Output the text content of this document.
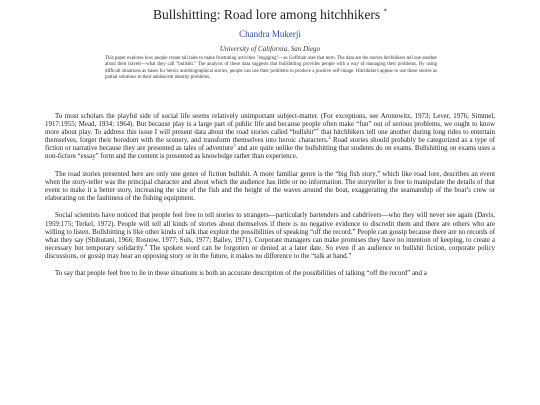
Bullshitting: Road lore among hitchhikers *
Chandra Mukerji
University of California, San Diego
This paper explores how people create tall tales to make frustrating activities "engaging"—as Goffman uses that term. The data are the stories hitchhikers tell one another about their travels—what they call "bullshit." The analysis of these data suggests that bullshitting provides people with a way of managing their problems. By using difficult situations as bases for heroic autobiographical stories, people can use their problems to produce a positive self-image. Hitchhikers appear to use these stories as partial solutions to their adolescent identity problems.

To most scholars the playful side of social life seems relatively unimportant subject-matter. (For exceptions, see Aronowitz, 1973; Lever, 1976; Simmel, 1917:1955; Mead, 1934: 1964). But because play is a large part of public life and because people often make “fun” out of serious problems, we ought to know more about play. To address this issue I will present data about the road stories called “bullshit”$^1$ that hitchhikers tell one another during long rides to entertain themselves, forget their boredom with the scenery, and transform themselves into heroic characters.$^2$ Road stories should probably be categorized as a type of fiction or narrative because they are presented as tales of adventure$^3$ and are quite unlike the bullshitting that students do on exams. Bullshitting on exams uses a non-fiction “essay” form and the content is presented as knowledge rather than experience.

The road stories presented here are only one genre of fiction bullshit. A more familiar genre is the “big fish story,” which like road lore, describes an event when the story-teller was the principal character and about which the audience has little or no information. The storyteller is free to manipulate the details of that event to make it a better story, increasing the size of the fish and the height of the waves around the boat, exaggerating the seamanship of the boat’s crew or elaborating on the faultiness of the fishing equipment.

Social scientists have noticed that people feel free to tell stories to strangers—particularly bartenders and cabdrivers—who they will never see again (Davis, 1959:175; Terkel, 1972). People will tell all kinds of stories about themselves if there is no negative evidence to discredit them and there are others who are willing to listen. Bullshitting is like other kinds of talk that exploit the possibilities of speaking “off the record.” People can gossip because there are no records of what they say (Shibutani, 1966; Rosnow, 1977; Suls, 1977; Bailey, 1971). Corporate managers can make promises they have no intention of keeping, to create a necessary but temporary solidarity.$^4$ The spoken word can be forgotten or denied at a later date. So even if an audience to bullshit fiction, corporate policy discussions, or gossip may hear an opposing story or in the future, it makes no difference to the “talk at hand.”

To say that people feel free to lie in these situations is both an accurate description of the possibilities of talking “off the record” and a
